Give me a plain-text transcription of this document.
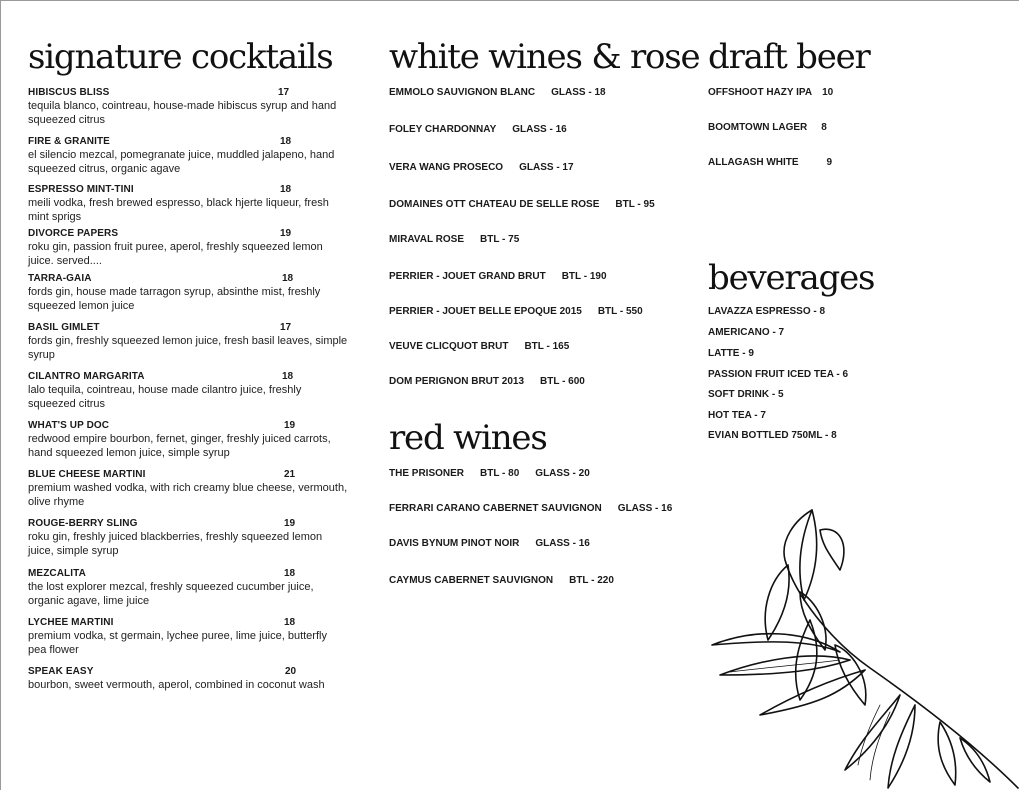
signature cocktails white wines & rose draft beer
beverages
red wines
HIBISCUS BLISS	17
tequila blanco, cointreau, house-made hibiscus syrup and hand squeezed citrus
FIRE & GRANITE	18
el silencio mezcal, pomegranate juice, muddled jalapeno, hand squeezed citrus, organic agave
ESPRESSO MINT-TINI	18
meili vodka, fresh brewed espresso, black hjerte liqueur, fresh mint sprigs
DIVORCE PAPERS	19
roku gin, passion fruit puree, aperol, freshly squeezed lemon juice. served....
TARRA-GAIA	18
fords gin, house made tarragon syrup, absinthe mist, freshly squeezed lemon juice
BASIL GIMLET	17
fords gin, freshly squeezed lemon juice, fresh basil leaves, simple syrup
CILANTRO MARGARITA	18
lalo tequila, cointreau, house made cilantro juice, freshly squeezed citrus
WHAT'S UP DOC	19
redwood empire bourbon, fernet, ginger, freshly juiced carrots, hand squeezed lemon juice, simple syrup
BLUE CHEESE MARTINI	21
premium washed vodka, with rich creamy blue cheese, vermouth, olive rhyme
ROUGE-BERRY SLING	19
roku gin, freshly juiced blackberries, freshly squeezed lemon juice, simple syrup
MEZCALITA	18
the lost explorer mezcal, freshly squeezed cucumber juice, organic agave, lime juice
LYCHEE MARTINI	18
premium vodka, st germain, lychee puree, lime juice, butterfly pea flower
SPEAK EASY	20
bourbon, sweet vermouth, aperol, combined in coconut wash
EMMOLO SAUVIGNON BLANC GLASS - 18
FOLEY CHARDONNAY GLASS - 16
VERA WANG PROSECO GLASS - 17
DOMAINES OTT CHATEAU DE SELLE ROSE BTL - 95
MIRAVAL ROSE BTL - 75
PERRIER - JOUET GRAND BRUT BTL - 190
PERRIER - JOUET BELLE EPOQUE 2015 BTL - 550
VEUVE CLICQUOT BRUT BTL - 165
DOM PERIGNON BRUT 2013 BTL - 600
THE PRISONER BTL - 80 GLASS - 20
FERRARI CARANO CABERNET SAUVIGNON GLASS - 16
DAVIS BYNUM PINOT NOIR GLASS - 16
CAYMUS CABERNET SAUVIGNON BTL - 220
OFFSHOOT HAZY IPA 10
BOOMTOWN LAGER 8
ALLAGASH WHITE	9
LAVAZZA ESPRESSO - 8
AMERICANO - 7
LATTE - 9
PASSION FRUIT ICED TEA - 6
SOFT DRINK - 5
HOT TEA - 7
EVIAN BOTTLED 750ML - 8
